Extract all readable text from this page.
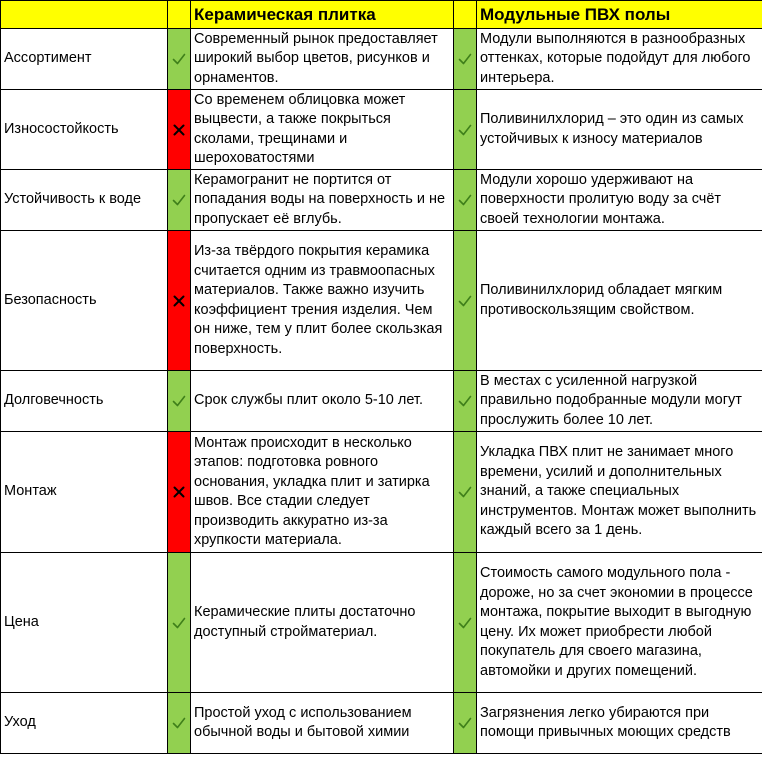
		Керамическая плитка		Модульные ПВХ полы
Ассортимент		Современный рынок предоставляет широкий выбор цветов, рисунков и орнаментов.		Модули выполняются в разнообразных оттенках, которые подойдут для любого интерьера.
Износостойкость		Со временем облицовка может выцвести, а также покрыться сколами, трещинами и шероховатостями		Поливинилхлорид – это один из самых устойчивых к износу материалов
Устойчивость к воде		Керамогранит не портится от попадания воды на поверхность и не пропускает её вглубь.		Модули хорошо удерживают на поверхности пролитую воду за счёт своей технологии монтажа.
Безопасность		Из-за твёрдого покрытия керамика считается одним из травмоопасных материалов. Также важно изучить коэффициент трения изделия. Чем он ниже, тем у плит более скользкая поверхность.		Поливинилхлорид обладает мягким противоскользящим свойством.
Долговечность		Срок службы плит около 5-10 лет.		В местах с усиленной нагрузкой правильно подобранные модули могут прослужить более 10 лет.
Монтаж		Монтаж происходит в несколько этапов: подготовка ровного основания, укладка плит и затирка швов. Все стадии следует производить аккуратно из-за хрупкости материала.		Укладка ПВХ плит не занимает много времени, усилий и дополнительных знаний, а также специальных инструментов. Монтаж может выполнить каждый всего за 1 день.
Цена		Керамические плиты достаточно доступный стройматериал.		Стоимость самого модульного пола - дороже, но за счет экономии в процессе монтажа, покрытие выходит в выгодную цену. Их может приобрести любой покупатель для своего магазина, автомойки и других помещений.
Уход		Простой уход с использованием обычной воды и бытовой химии		Загрязнения легко убираются при помощи привычных моющих средств
